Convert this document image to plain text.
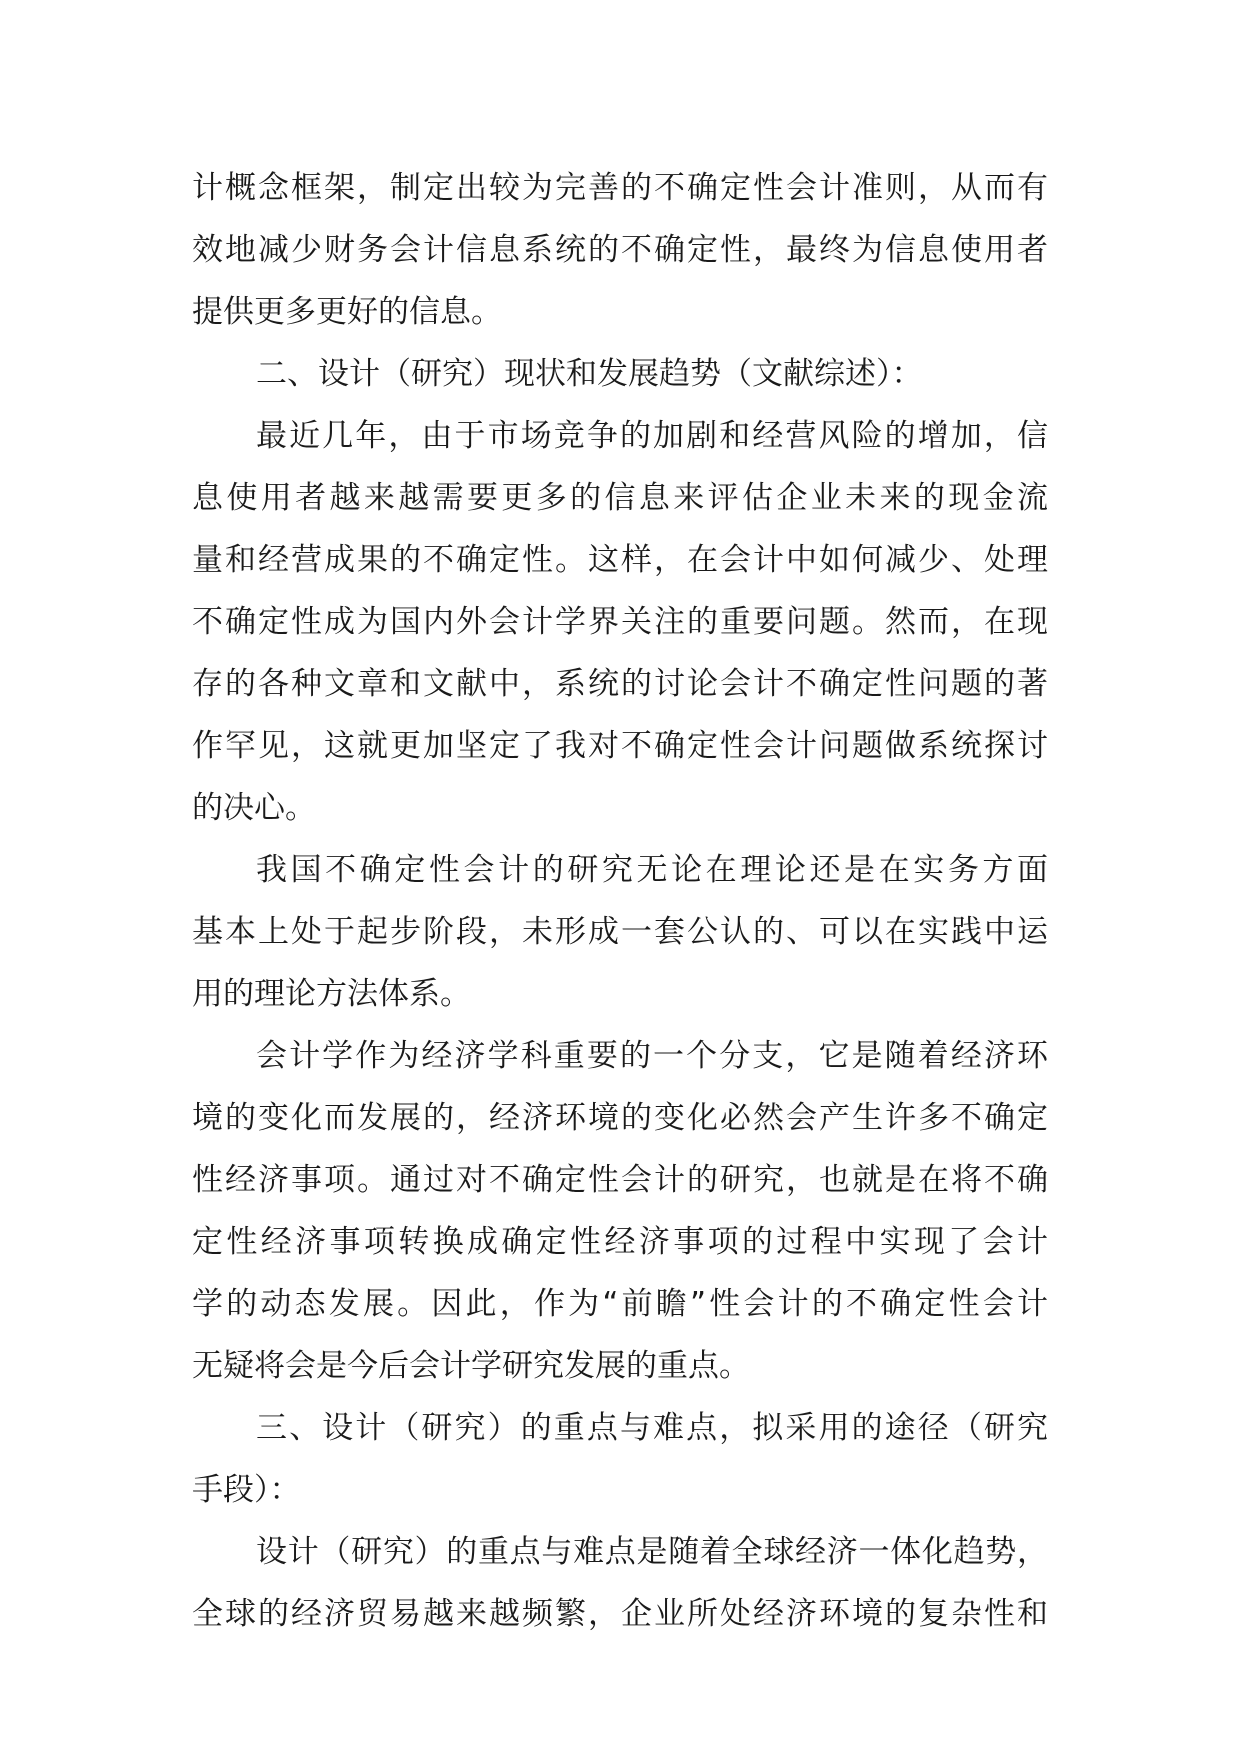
计概念框架，制定出较为完善的不确定性会计准则，从而有
效地减少财务会计信息系统的不确定性，最终为信息使用者
提供更多更好的信息。
二、设计（研究）现状和发展趋势（文献综述）：
最近几年，由于市场竞争的加剧和经营风险的增加，信
息使用者越来越需要更多的信息来评估企业未来的现金流
量和经营成果的不确定性。这样，在会计中如何减少、处理
不确定性成为国内外会计学界关注的重要问题。然而，在现
存的各种文章和文献中，系统的讨论会计不确定性问题的著
作罕见，这就更加坚定了我对不确定性会计问题做系统探讨
的决心。
我国不确定性会计的研究无论在理论还是在实务方面
基本上处于起步阶段，未形成一套公认的、可以在实践中运
用的理论方法体系。
会计学作为经济学科重要的一个分支，它是随着经济环
境的变化而发展的，经济环境的变化必然会产生许多不确定
性经济事项。通过对不确定性会计的研究，也就是在将不确
定性经济事项转换成确定性经济事项的过程中实现了会计
学的动态发展。因此，作为“前瞻”性会计的不确定性会计
无疑将会是今后会计学研究发展的重点。
三、设计（研究）的重点与难点，拟采用的途径（研究
手段）：
设计（研究）的重点与难点是随着全球经济一体化趋势，
全球的经济贸易越来越频繁，企业所处经济环境的复杂性和
